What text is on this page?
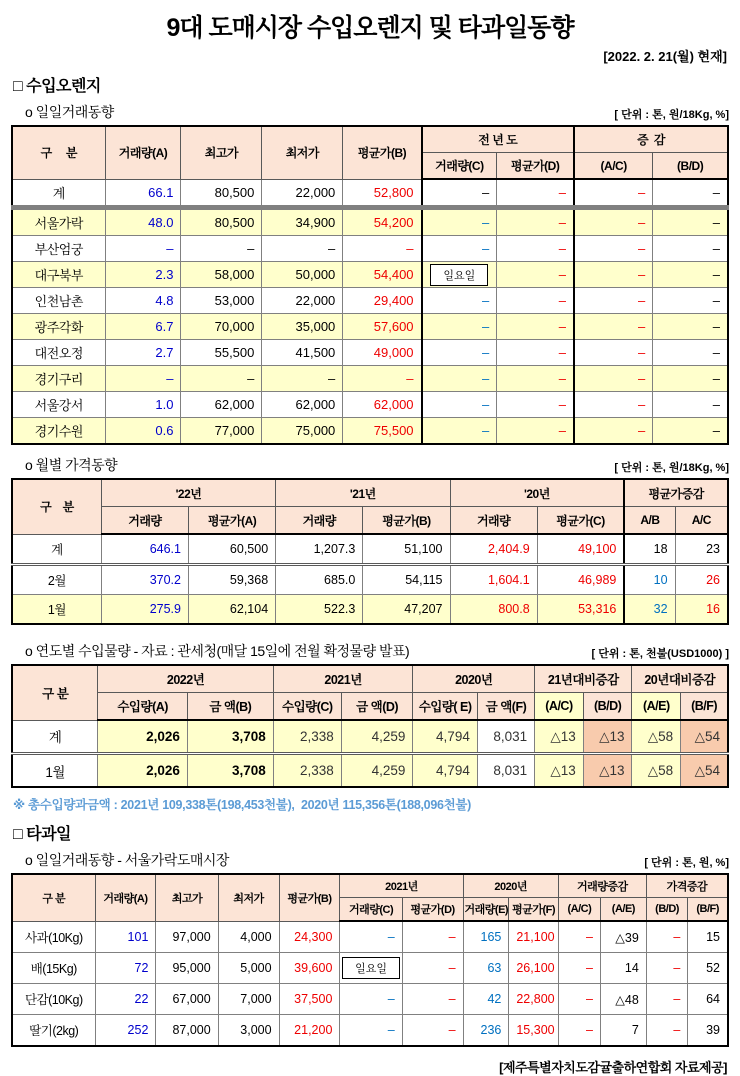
9대 도매시장 수입오렌지 및 타과일동향
[2022. 2. 21(월) 현재]
□ 수입오렌지
o 일일거래동향	[ 단위 : 톤, 원/18Kg, %]
구     분	거래량(A)	최고가	최저가	평균가(B)	전 년 도		증  감	
					거래량(C)	평균가(D)	(A/C)	(B/D)
계	66.1	80,500	22,000	52,800	–	–	–	–
서울가락	48.0	80,500	34,900	54,200	–	–	–	–
부산엄궁	–	–	–	–	–	–	–	–
대구북부	2.3	58,000	50,000	54,400	일요일	–	–	–
인천남촌	4.8	53,000	22,000	29,400	–	–	–	–
광주각화	6.7	70,000	35,000	57,600	–	–	–	–
대전오정	2.7	55,500	41,500	49,000	–	–	–	–
경기구리	–	–	–	–	–	–	–	–
서울강서	1.0	62,000	62,000	62,000	–	–	–	–
경기수원	0.6	77,000	75,000	75,500	–	–	–	–
o 월별 가격동향	[ 단위 : 톤, 원/18Kg, %]
구    분	'22년		'21년		'20년		평균가증감	
	거래량	평균가(A)	거래량	평균가(B)	거래량	평균가(C)	A/B	A/C
계	646.1	60,500	1,207.3	51,100	2,404.9	49,100	18	23
2월	370.2	59,368	685.0	54,115	1,604.1	46,989	10	26
1월	275.9	62,104	522.3	47,207	800.8	53,316	32	16
o 연도별 수입물량 - 자료 : 관세청(매달 15일에 전월 확정물량 발표)	[ 단위 : 톤, 천불(USD1000) ]
구 분	2022년		2021년		2020년		21년대비증감		20년대비증감	
	수입량(A)	금 액(B)	수입량(C)	금 액(D)	수입량( E)	금 액(F)	(A/C)	(B/D)	(A/E)	(B/F)
계	2,026	3,708	2,338	4,259	4,794	8,031	△13	△13	△58	△54
1월	2,026	3,708	2,338	4,259	4,794	8,031	△13	△13	△58	△54
※ 총수입량과금액 : 2021년 109,338톤(198,453천불),  2020년 115,356톤(188,096천불)
□ 타과일
o 일일거래동향 - 서울가락도매시장	[ 단위 : 톤, 원, %]
구 분	거래량(A)	최고가	최저가	평균가(B)	2021년		2020년		거래량증감		가격증감	
					거래량(C)	평균가(D)	거래량(E)	평균가(F)	(A/C)	(A/E)	(B/D)	(B/F)
사과(10Kg)	101	97,000	4,000	24,300	–	–	165	21,100	–	△39	–	15
배(15Kg)	72	95,000	5,000	39,600	일요일	–	63	26,100	–	14	–	52
단감(10Kg)	22	67,000	7,000	37,500	–	–	42	22,800	–	△48	–	64
딸기(2kg)	252	87,000	3,000	21,200	–	–	236	15,300	–	7	–	39
[제주특별자치도감귤출하연합회 자료제공]
